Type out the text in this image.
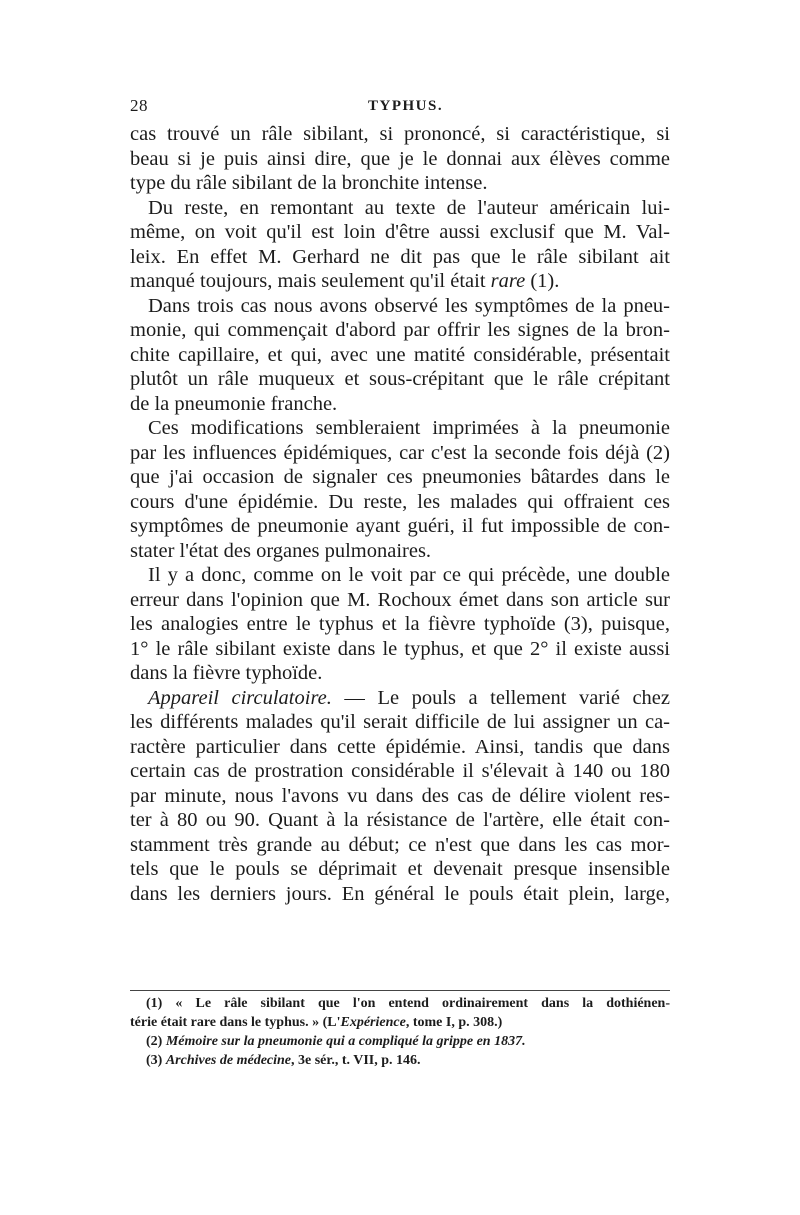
28	TYPHUS.
cas trouvé un râle sibilant, si prononcé, si caractéristique, si
beau si je puis ainsi dire, que je le donnai aux élèves comme
type du râle sibilant de la bronchite intense.
Du reste, en remontant au texte de l'auteur américain lui-
même, on voit qu'il est loin d'être aussi exclusif que M. Val-
leix. En effet M. Gerhard ne dit pas que le râle sibilant ait
manqué toujours, mais seulement qu'il était rare (1).
Dans trois cas nous avons observé les symptômes de la pneu-
monie, qui commençait d'abord par offrir les signes de la bron-
chite capillaire, et qui, avec une matité considérable, présentait
plutôt un râle muqueux et sous-crépitant que le râle crépitant
de la pneumonie franche.
Ces modifications sembleraient imprimées à la pneumonie
par les influences épidémiques, car c'est la seconde fois déjà (2)
que j'ai occasion de signaler ces pneumonies bâtardes dans le
cours d'une épidémie. Du reste, les malades qui offraient ces
symptômes de pneumonie ayant guéri, il fut impossible de con-
stater l'état des organes pulmonaires.
Il y a donc, comme on le voit par ce qui précède, une double
erreur dans l'opinion que M. Rochoux émet dans son article sur
les analogies entre le typhus et la fièvre typhoïde (3), puisque,
1° le râle sibilant existe dans le typhus, et que 2° il existe aussi
dans la fièvre typhoïde.
Appareil circulatoire. — Le pouls a tellement varié chez
les différents malades qu'il serait difficile de lui assigner un ca-
ractère particulier dans cette épidémie. Ainsi, tandis que dans
certain cas de prostration considérable il s'élevait à 140 ou 180
par minute, nous l'avons vu dans des cas de délire violent res-
ter à 80 ou 90. Quant à la résistance de l'artère, elle était con-
stamment très grande au début; ce n'est que dans les cas mor-
tels que le pouls se déprimait et devenait presque insensible
dans les derniers jours. En général le pouls était plein, large,
(1) « Le râle sibilant que l'on entend ordinairement dans la dothiénen-
térie était rare dans le typhus. » (L'Expérience, tome I, p. 308.)
(2) Mémoire sur la pneumonie qui a compliqué la grippe en 1837.
(3) Archives de médecine, 3e sér., t. VII, p. 146.
